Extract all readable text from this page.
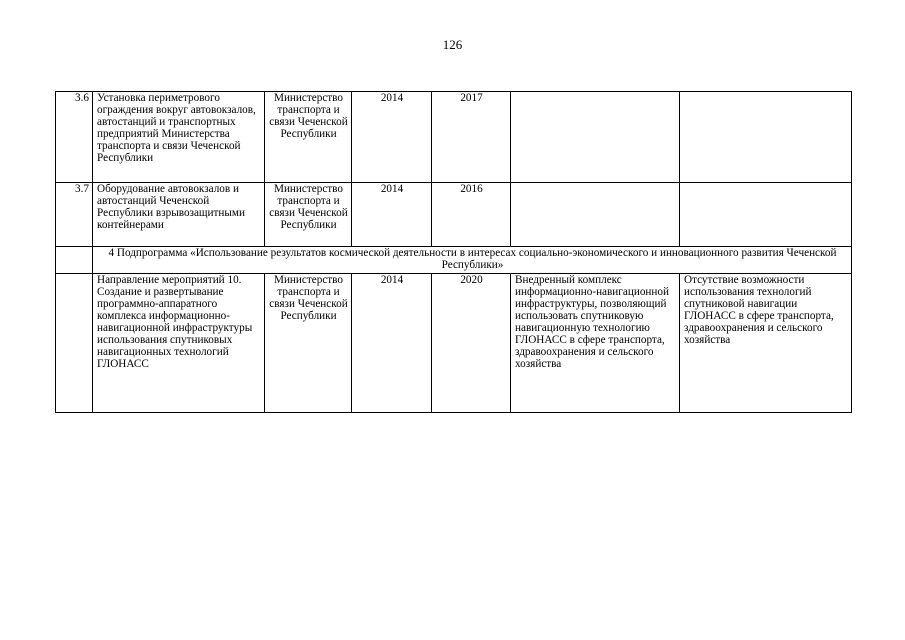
126
3.6	Установка периметрового ограждения вокруг автовокзалов, автостанций и транспортных предприятий Министерства транспорта и связи Чеченской Республики	Министерство транспорта и связи Чеченской Республики	2014	2017		
3.7	Оборудование автовокзалов и автостанций Чеченской Республики взрывозащитными контейнерами	Министерство транспорта и связи Чеченской Республики	2014	2016		
	4 Подпрограмма «Использование результатов космической деятельности в интересах социально-экономического и инновационного развития Чеченской Республики»					
	Направление мероприятий 10. Создание и развертывание программно-аппаратного комплекса информационно-навигационной инфраструктуры использования спутниковых навигационных технологий ГЛОНАСС	Министерство транспорта и связи Чеченской Республики	2014	2020	Внедренный комплекс информационно-навигационной инфраструктуры, позволяющий использовать спутниковую навигационную технологию ГЛОНАСС в сфере транспорта, здравоохранения и сельского хозяйства	Отсутствие возможности использования технологий спутниковой навигации ГЛОНАСС в сфере транспорта, здравоохранения и сельского хозяйства
